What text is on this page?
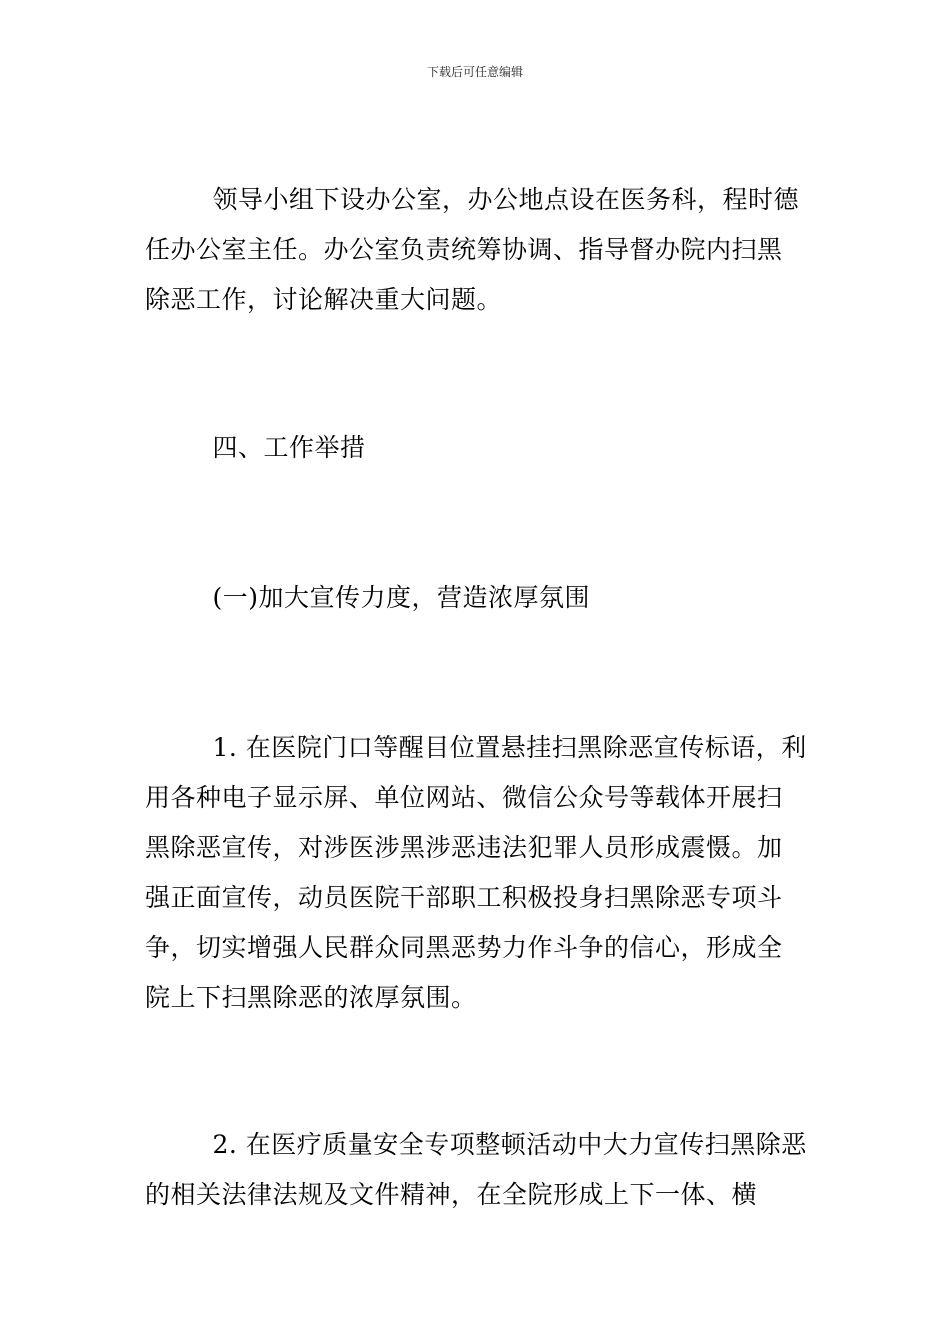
下载后可任意编辑

领导小组下设办公室，办公地点设在医务科，程时德任办公室主任。办公室负责统筹协调、指导督办院内扫黑除恶工作，讨论解决重大问题。

四、工作举措

(一)加大宣传力度，营造浓厚氛围

1. 在医院门口等醒目位置悬挂扫黑除恶宣传标语，利用各种电子显示屏、单位网站、微信公众号等载体开展扫黑除恶宣传，对涉医涉黑涉恶违法犯罪人员形成震慑。加强正面宣传，动员医院干部职工积极投身扫黑除恶专项斗争，切实增强人民群众同黑恶势力作斗争的信心，形成全院上下扫黑除恶的浓厚氛围。

2. 在医疗质量安全专项整顿活动中大力宣传扫黑除恶的相关法律法规及文件精神，在全院形成上下一体、横
